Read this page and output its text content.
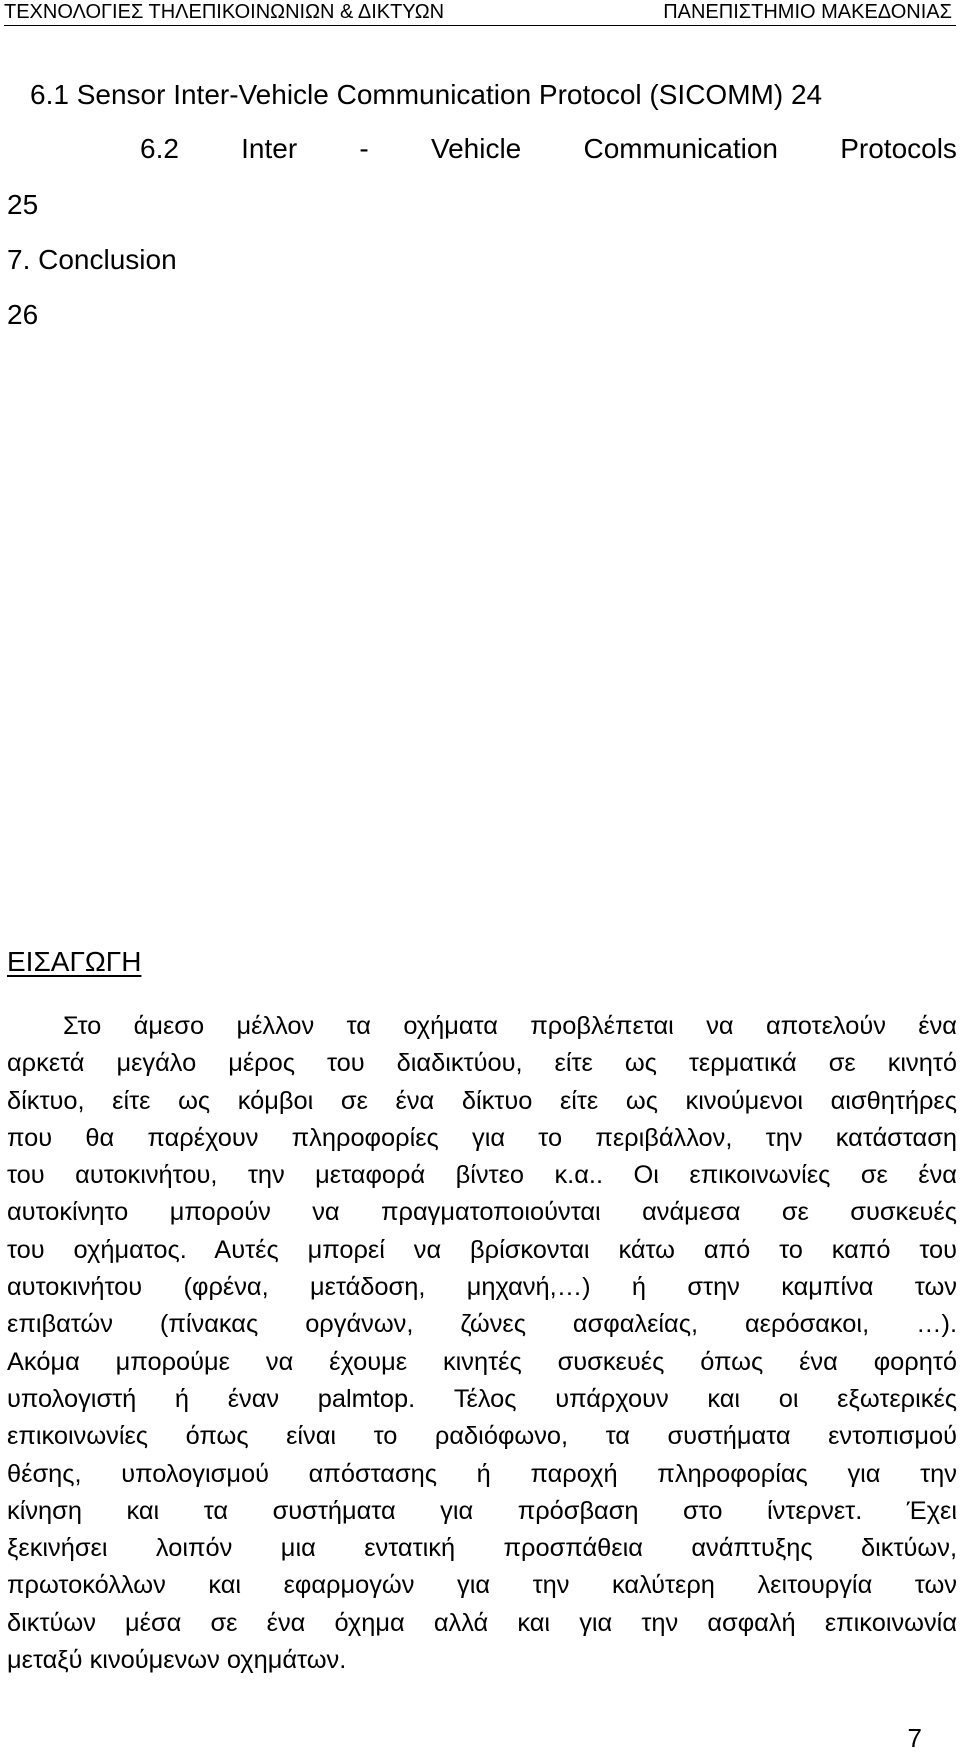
ΤΕΧΝΟΛΟΓΙΕΣ ΤΗΛΕΠΙΚΟΙΝΩΝΙΩΝ & ΔΙΚΤΥΩΝ	ΠΑΝΕΠΙΣΤΗΜΙΟ ΜΑΚΕΔΟΝΙΑΣ
6.1 Sensor Inter-Vehicle Communication Protocol (SICOMM) 24
6.2 Inter - Vehicle Communication Protocols
25
7. Conclusion
26
ΕΙΣΑΓΩΓΗ
Στο άμεσο μέλλον τα οχήματα προβλέπεται να αποτελούν ένα
αρκετά μεγάλο μέρος του διαδικτύου, είτε ως τερματικά σε κινητό
δίκτυο, είτε ως κόμβοι σε ένα δίκτυο είτε ως κινούμενοι αισθητήρες
που θα παρέχουν πληροφορίες για το περιβάλλον, την κατάσταση
του αυτοκινήτου, την μεταφορά βίντεο κ.α.. Οι επικοινωνίες σε ένα
αυτοκίνητο μπορούν να πραγματοποιούνται ανάμεσα σε συσκευές
του οχήματος. Αυτές μπορεί να βρίσκονται κάτω από το καπό του
αυτοκινήτου (φρένα, μετάδοση, μηχανή,…) ή στην καμπίνα των
επιβατών (πίνακας οργάνων, ζώνες ασφαλείας, αερόσακοι, …).
Ακόμα μπορούμε να έχουμε κινητές συσκευές όπως ένα φορητό
υπολογιστή ή έναν palmtop. Τέλος υπάρχουν και οι εξωτερικές
επικοινωνίες όπως είναι το ραδιόφωνο, τα συστήματα εντοπισμού
θέσης, υπολογισμού απόστασης ή παροχή πληροφορίας για την
κίνηση και τα συστήματα για πρόσβαση στο ίντερνετ. Έχει
ξεκινήσει λοιπόν μια εντατική προσπάθεια ανάπτυξης δικτύων,
πρωτοκόλλων και εφαρμογών για την καλύτερη λειτουργία των
δικτύων μέσα σε ένα όχημα αλλά και για την ασφαλή επικοινωνία
μεταξύ κινούμενων οχημάτων.
7
